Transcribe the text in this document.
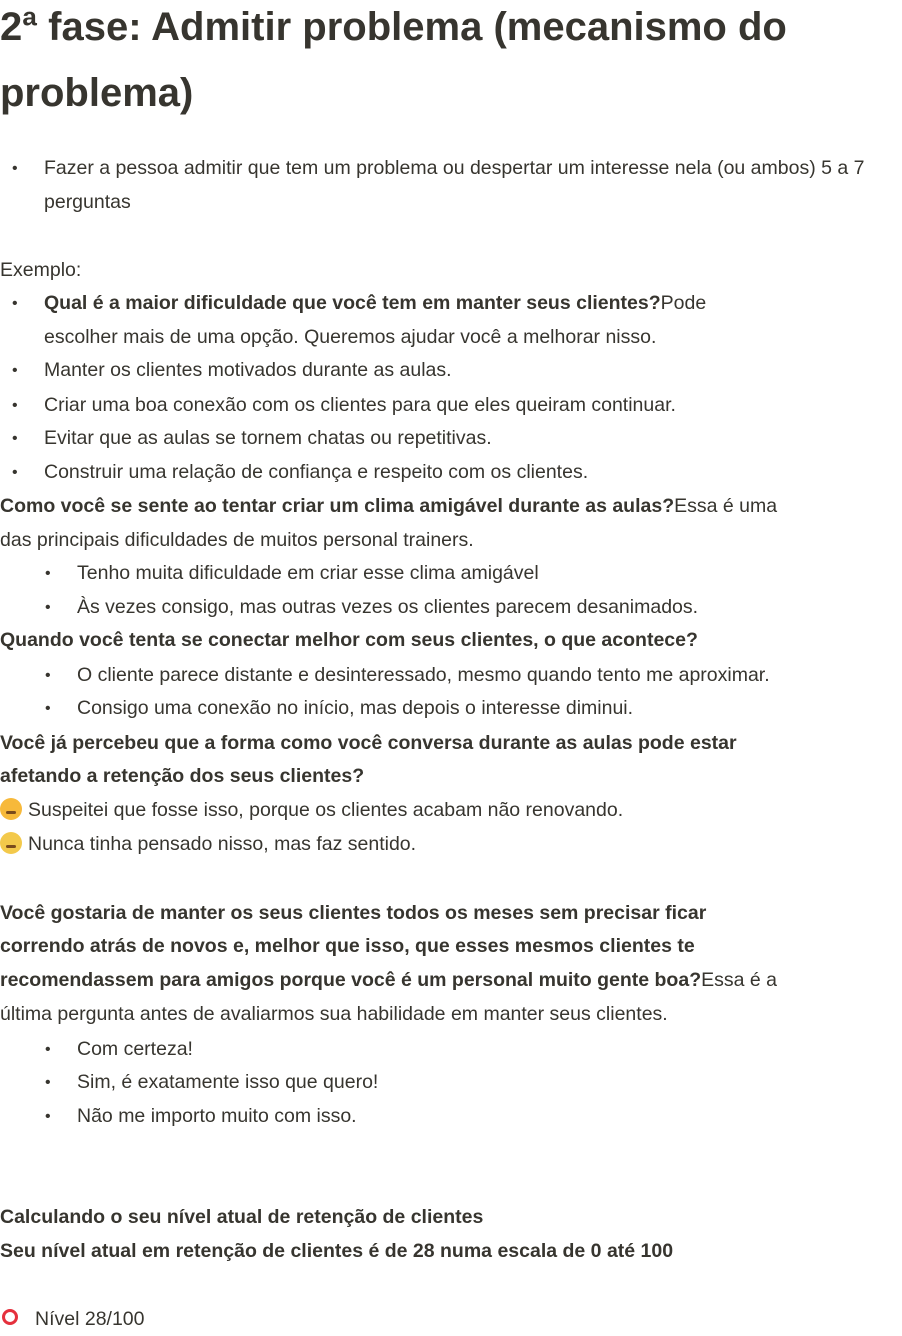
2ª fase: Admitir problema (mecanismo do problema)
• Fazer a pessoa admitir que tem um problema ou despertar um interesse nela (ou ambos) 5 a 7 perguntas
Exemplo:
• Qual é a maior dificuldade que você tem em manter seus clientes?Pode
escolher mais de uma opção. Queremos ajudar você a melhorar nisso.
• Manter os clientes motivados durante as aulas.
• Criar uma boa conexão com os clientes para que eles queiram continuar.
• Evitar que as aulas se tornem chatas ou repetitivas.
• Construir uma relação de confiança e respeito com os clientes.
Como você se sente ao tentar criar um clima amigável durante as aulas?Essa é uma
das principais dificuldades de muitos personal trainers.
• Tenho muita dificuldade em criar esse clima amigável
• Às vezes consigo, mas outras vezes os clientes parecem desanimados.
Quando você tenta se conectar melhor com seus clientes, o que acontece?
• O cliente parece distante e desinteressado, mesmo quando tento me aproximar.
• Consigo uma conexão no início, mas depois o interesse diminui.
Você já percebeu que a forma como você conversa durante as aulas pode estar
afetando a retenção dos seus clientes?
Suspeitei que fosse isso, porque os clientes acabam não renovando.
Nunca tinha pensado nisso, mas faz sentido.
Você gostaria de manter os seus clientes todos os meses sem precisar ficar
correndo atrás de novos e, melhor que isso, que esses mesmos clientes te
recomendassem para amigos porque você é um personal muito gente boa?Essa é a
última pergunta antes de avaliarmos sua habilidade em manter seus clientes.
• Com certeza!
• Sim, é exatamente isso que quero!
• Não me importo muito com isso.
Calculando o seu nível atual de retenção de clientes
Seu nível atual em retenção de clientes é de 28 numa escala de 0 até 100
Nível 28/100
